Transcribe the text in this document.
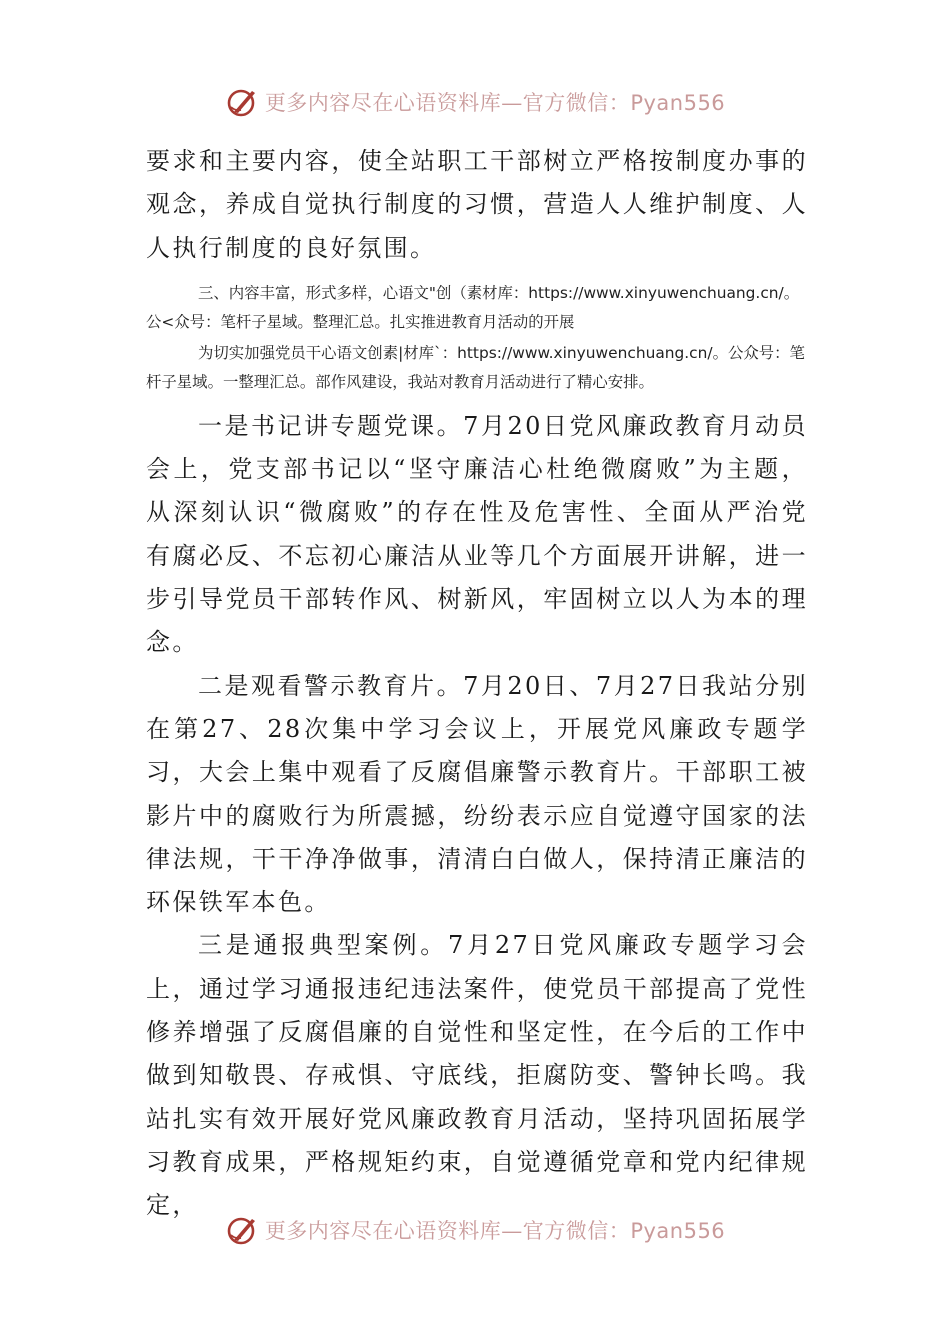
更多内容尽在心语资料库—官方微信：Pyan556

要求和主要内容，使全站职工干部树立严格按制度办事的观念，养成自觉执行制度的习惯，营造人人维护制度、人人执行制度的良好氛围。

三、内容丰富，形式多样，心语文"创（素材库：https://www.xinyuwenchuang.cn/。公<众号：笔杆子星域。整理汇总。扎实推进教育月活动的开展

为切实加强党员干心语文创素|材库`：https://www.xinyuwenchuang.cn/。公众号：笔杆子星域。一整理汇总。部作风建设，我站对教育月活动进行了精心安排。

一是书记讲专题党课。7月20日党风廉政教育月动员会上，党支部书记以“坚守廉洁心杜绝微腐败”为主题，从深刻认识“微腐败”的存在性及危害性、全面从严治党有腐必反、不忘初心廉洁从业等几个方面展开讲解，进一步引导党员干部转作风、树新风，牢固树立以人为本的理念。

二是观看警示教育片。7月20日、7月27日我站分别在第27、28次集中学习会议上，开展党风廉政专题学习，大会上集中观看了反腐倡廉警示教育片。干部职工被影片中的腐败行为所震撼，纷纷表示应自觉遵守国家的法律法规，干干净净做事，清清白白做人，保持清正廉洁的环保铁军本色。

三是通报典型案例。7月27日党风廉政专题学习会上，通过学习通报违纪违法案件，使党员干部提高了党性修养增强了反腐倡廉的自觉性和坚定性，在今后的工作中做到知敬畏、存戒惧、守底线，拒腐防变、警钟长鸣。我站扎实有效开展好党风廉政教育月活动，坚持巩固拓展学习教育成果，严格规矩约束，自觉遵循党章和党内纪律规定，

更多内容尽在心语资料库—官方微信：Pyan556
